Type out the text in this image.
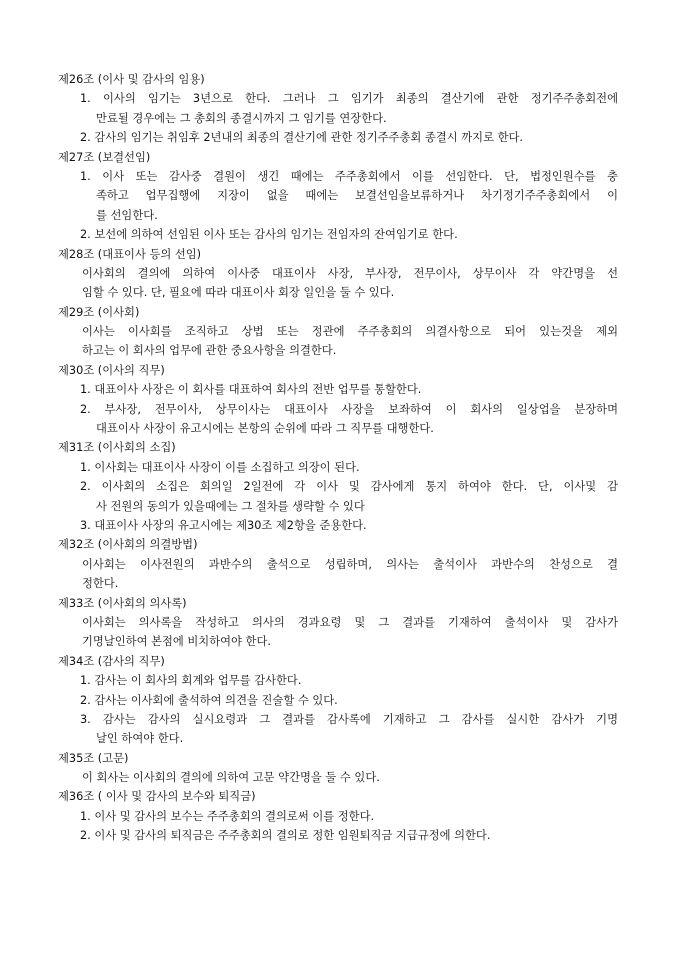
제26조 (이사 및 감사의 임용)
1. 이사의 임기는 3년으로 한다. 그러나 그 임기가 최종의 결산기에 관한 정기주주총회전에
만료될 경우에는 그 총회의 종결시까지 그 임기를 연장한다.
2. 감사의 임기는 취임후 2년내의 최종의 결산기에 관한 정기주주총회 종결시 까지로 한다.
제27조 (보결선임)
1. 이사 또는 감사중 결원이 생긴 때에는 주주총회에서 이를 선임한다. 단, 법정인원수를 충
족하고 업무집행에 지장이 없을 때에는 보결선임을보류하거나 차기정기주주총회에서 이
를 선임한다.
2. 보선에 의하여 선임된 이사 또는 감사의 임기는 전임자의 잔여임기로 한다.
제28조 (대표이사 등의 선임)
이사회의 결의에 의하여 이사중 대표이사 사장, 부사장, 전무이사, 상무이사 각 약간명을 선
임할 수 있다. 단, 필요에 따라 대표이사 회장 일인을 둘 수 있다.
제29조 (이사회)
이사는 이사회를 조직하고 상법 또는 정관에 주주총회의 의결사항으로 되어 있는것을 제외
하고는 이 회사의 업무에 관한 중요사항을 의결한다.
제30조 (이사의 직무)
1. 대표이사 사장은 이 회사를 대표하여 회사의 전반 업무를 통할한다.
2. 부사장, 전무이사, 상무이사는 대표이사 사장을 보좌하여 이 회사의 일상업을 분장하며
대표이사 사장이 유고시에는 본항의 순위에 따라 그 직무를 대행한다.
제31조 (이사회의 소집)
1. 이사회는 대표이사 사장이 이를 소집하고 의장이 된다.
2. 이사회의 소집은 회의일 2일전에 각 이사 및 감사에게 통지 하여야 한다. 단, 이사및 감
사 전원의 동의가 있을때에는 그 절차를 생략할 수 있다
3. 대표이사 사장의 유고시에는 제30조 제2항을 준용한다.
제32조 (이사회의 의결방법)
이사회는 이사전원의 과반수의 출석으로 성립하며, 의사는 출석이사 과반수의 찬성으로 결
정한다.
제33조 (이사회의 의사록)
이사회는 의사록을 작성하고 의사의 경과요령 및 그 결과를 기재하여 출석이사 및 감사가
기명날인하여 본점에 비치하여야 한다.
제34조 (감사의 직무)
1. 감사는 이 회사의 회계와 업무를 감사한다.
2. 감사는 이사회에 출석하여 의견을 진술할 수 있다.
3. 감사는 감사의 실시요령과 그 결과를 감사록에 기재하고 그 감사를 실시한 감사가 기명
날인 하여야 한다.
제35조 (고문)
이 회사는 이사회의 결의에 의하여 고문 약간명을 둘 수 있다.
제36조 ( 이사 및 감사의 보수와 퇴직금)
1. 이사 및 감사의 보수는 주주총회의 결의로써 이를 정한다.
2. 이사 및 감사의 퇴직금은 주주총회의 결의로 정한 임원퇴직금 지급규정에 의한다.
